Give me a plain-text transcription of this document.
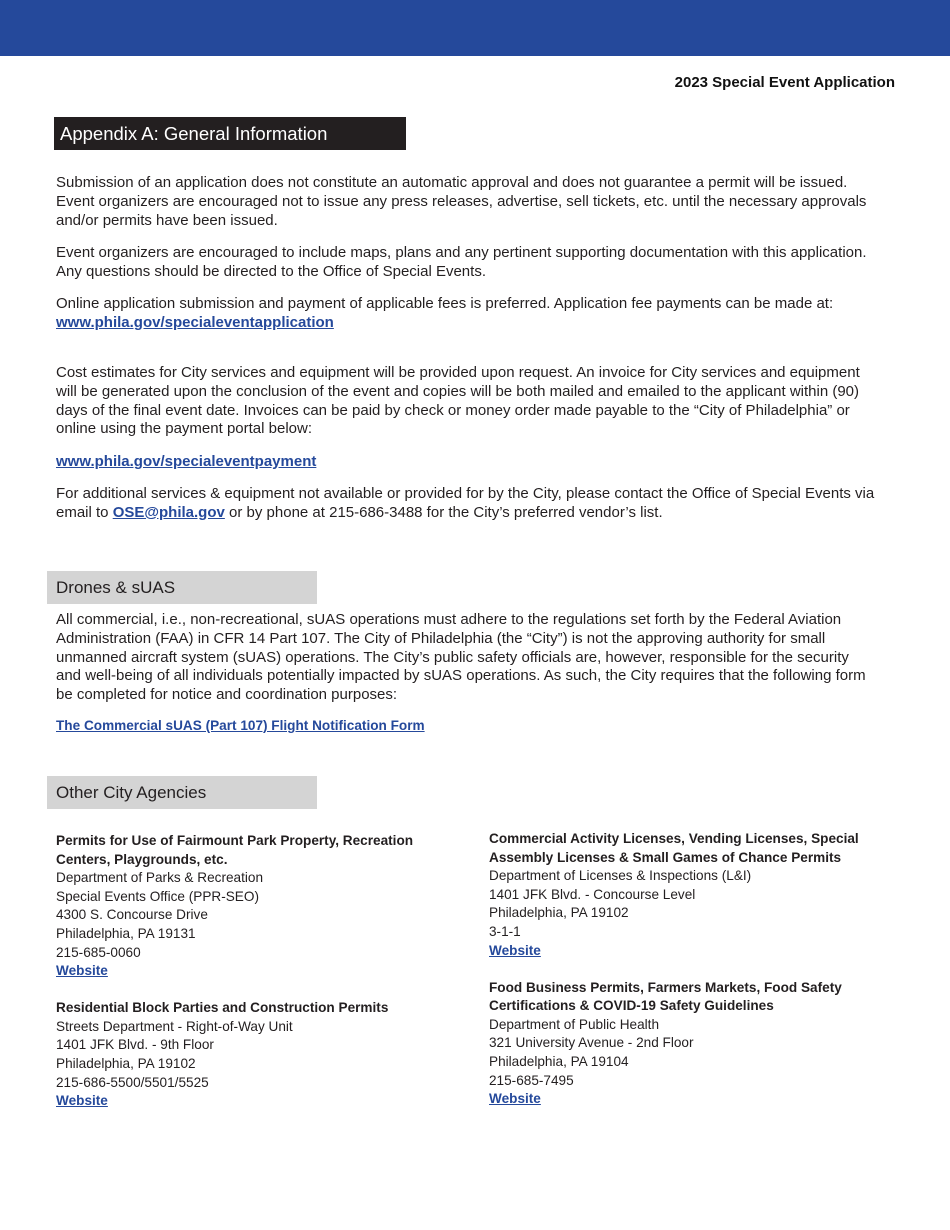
2023 Special Event Application
Appendix A: General Information

Submission of an application does not constitute an automatic approval and does not guarantee a permit will be issued. Event organizers are encouraged not to issue any press releases, advertise, sell tickets, etc. until the necessary approvals and/or permits have been issued.

Event organizers are encouraged to include maps, plans and any pertinent supporting documentation with this application. Any questions should be directed to the Office of Special Events.

Online application submission and payment of applicable fees is preferred. Application fee payments can be made at:
www.phila.gov/specialeventapplication

Cost estimates for City services and equipment will be provided upon request. An invoice for City services and equipment will be generated upon the conclusion of the event and copies will be both mailed and emailed to the applicant within (90) days of the final event date. Invoices can be paid by check or money order made payable to the “City of Philadelphia” or online using the payment portal below:

www.phila.gov/specialeventpayment

For additional services & equipment not available or provided for by the City, please contact the Office of Special Events via email to OSE@phila.gov or by phone at 215-686-3488 for the City’s preferred vendor’s list.

Drones & sUAS

All commercial, i.e., non-recreational, sUAS operations must adhere to the regulations set forth by the Federal Aviation Administration (FAA) in CFR 14 Part 107. The City of Philadelphia (the “City”) is not the approving authority for small unmanned aircraft system (sUAS) operations. The City’s public safety officials are, however, responsible for the security and well-being of all individuals potentially impacted by sUAS operations. As such, the City requires that the following form be completed for notice and coordination purposes:

The Commercial sUAS (Part 107) Flight Notification Form

Other City Agencies
Permits for Use of Fairmount Park Property, Recreation Centers, Playgrounds, etc.
Department of Parks & Recreation
Special Events Office (PPR-SEO)
4300 S. Concourse Drive
Philadelphia, PA 19131
215-685-0060
Website
Residential Block Parties and Construction Permits
Streets Department - Right-of-Way Unit
1401 JFK Blvd. - 9th Floor
Philadelphia, PA 19102
215-686-5500/5501/5525
Website
Commercial Activity Licenses, Vending Licenses, Special Assembly Licenses & Small Games of Chance Permits
Department of Licenses & Inspections (L&I)
1401 JFK Blvd. - Concourse Level
Philadelphia, PA 19102
3-1-1
Website
Food Business Permits, Farmers Markets, Food Safety Certifications & COVID-19 Safety Guidelines
Department of Public Health
321 University Avenue - 2nd Floor
Philadelphia, PA 19104
215-685-7495
Website
